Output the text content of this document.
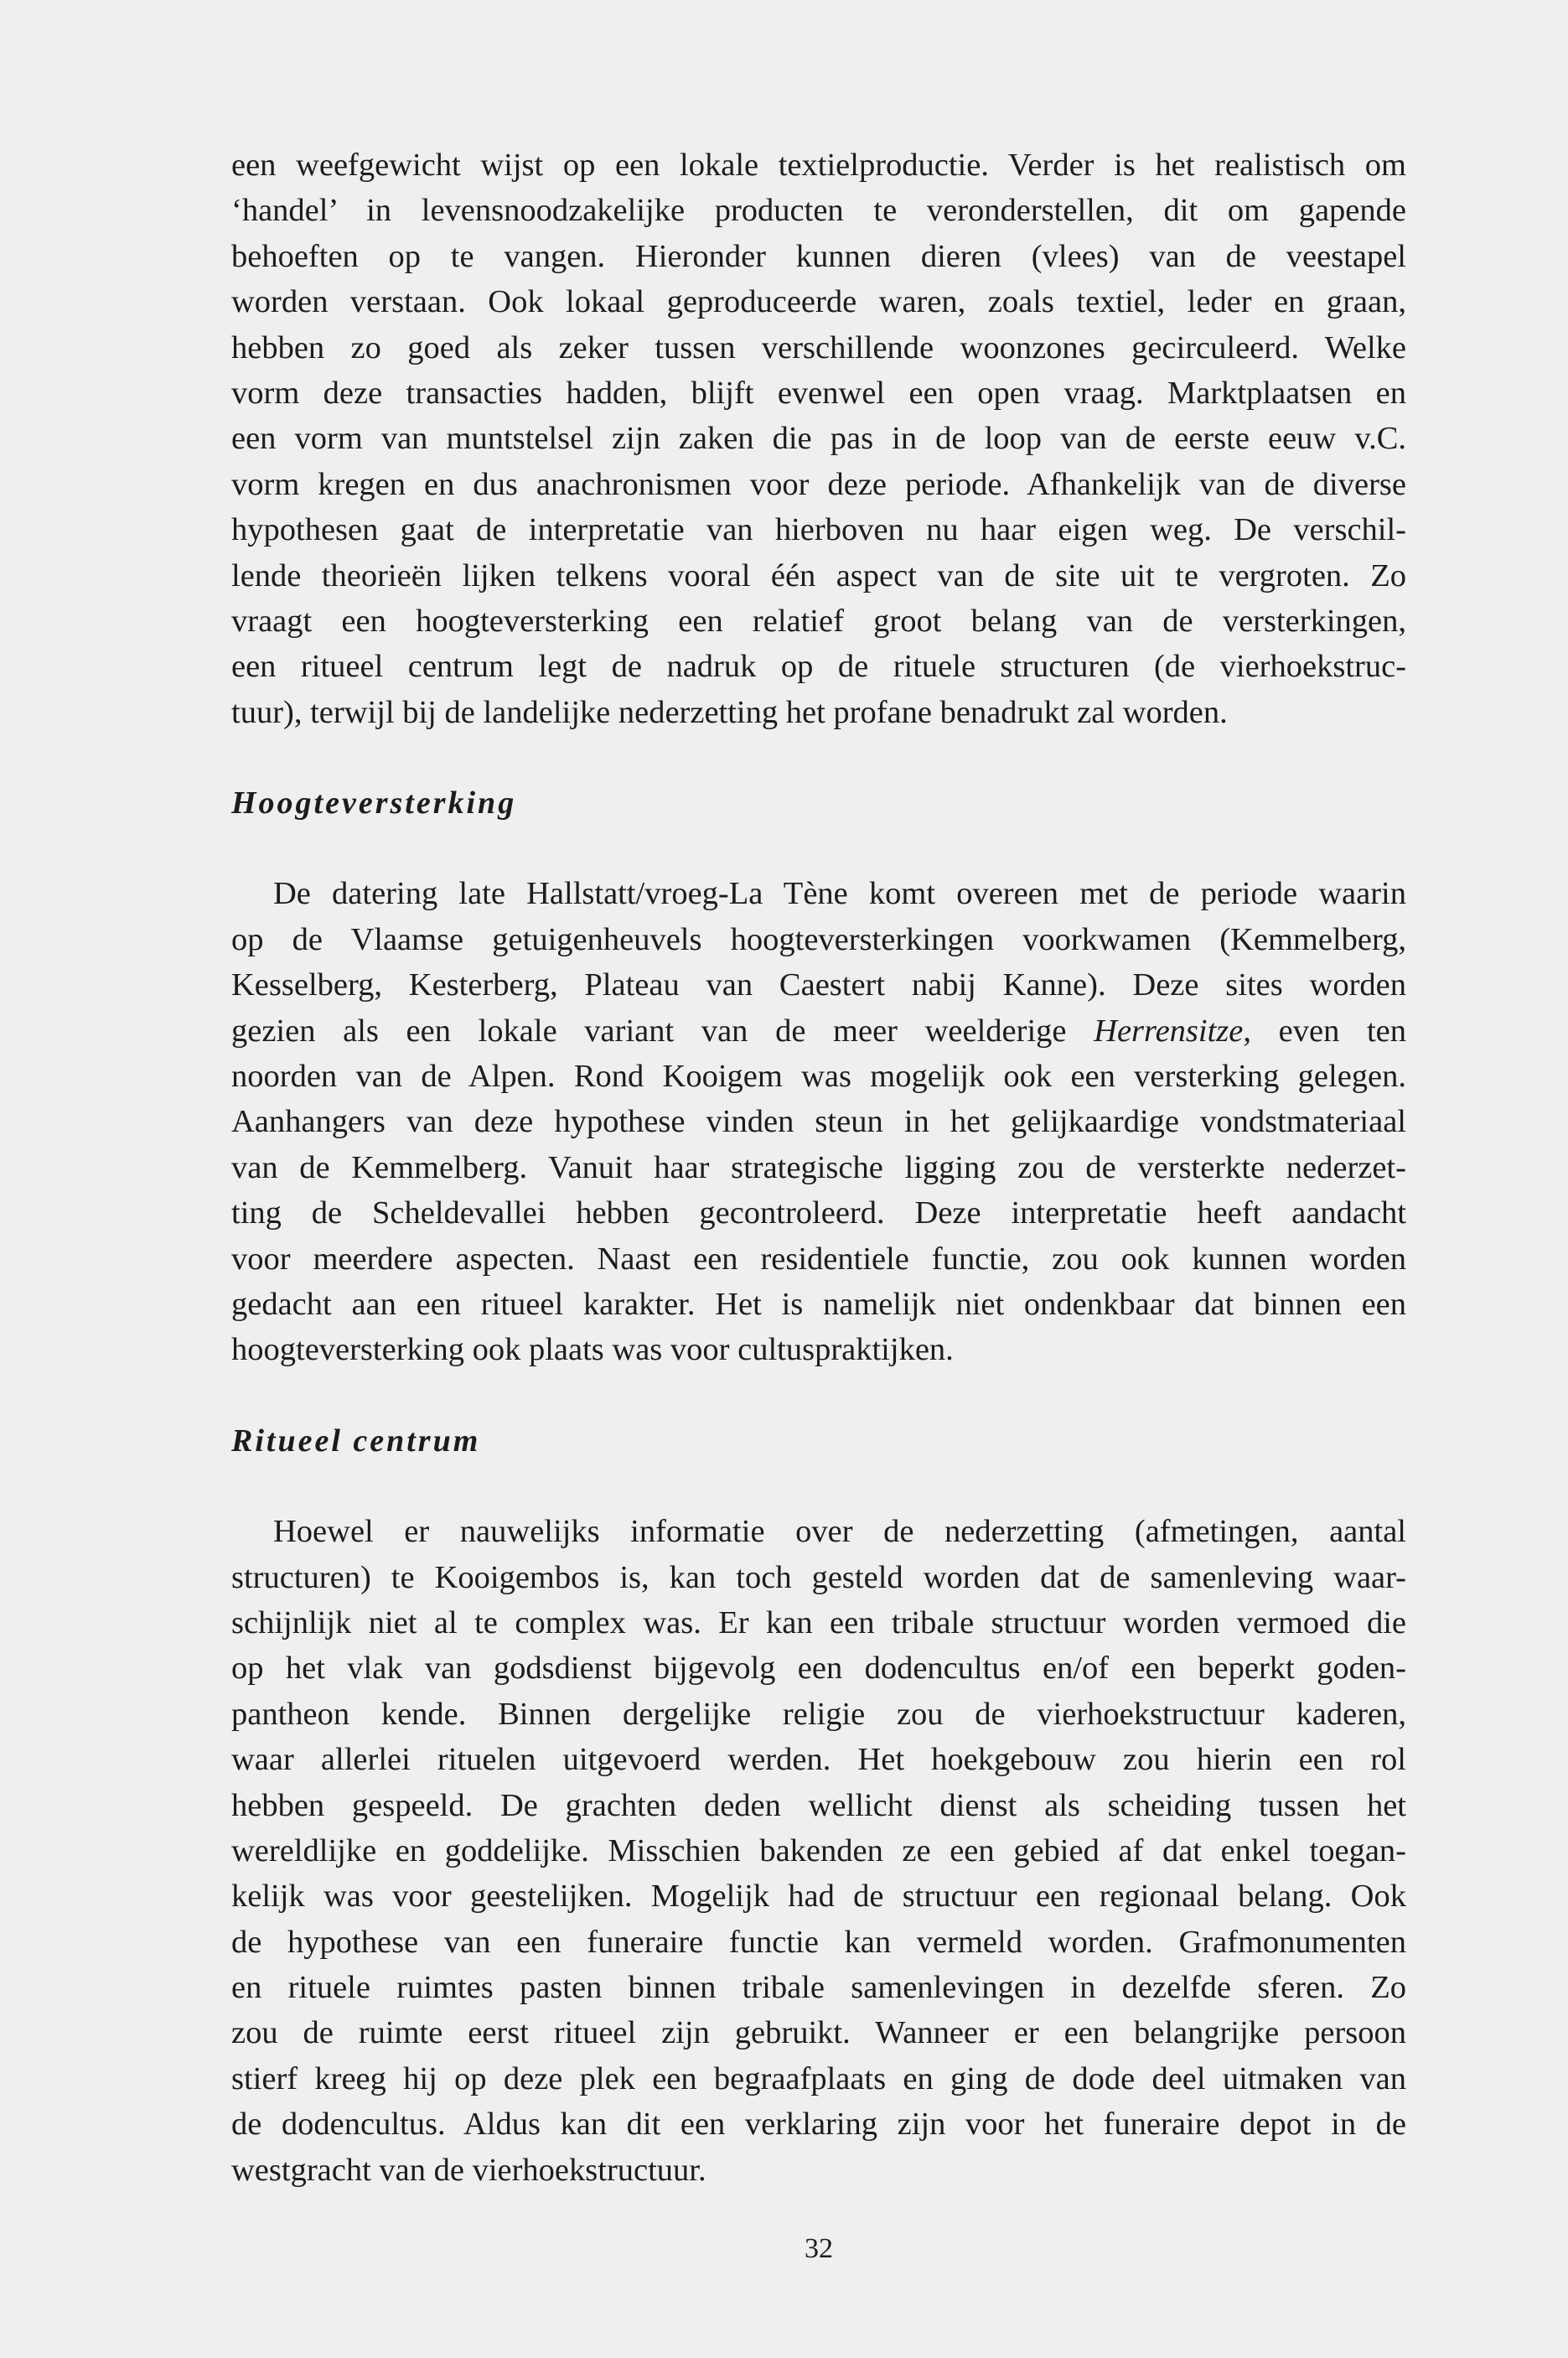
een weefgewicht wijst op een lokale textielproductie. Verder is het realistisch om
‘handel’ in levensnoodzakelijke producten te veronderstellen, dit om gapende
behoeften op te vangen. Hieronder kunnen dieren (vlees) van de veestapel
worden verstaan. Ook lokaal geproduceerde waren, zoals textiel, leder en graan,
hebben zo goed als zeker tussen verschillende woonzones gecirculeerd. Welke
vorm deze transacties hadden, blijft evenwel een open vraag. Marktplaatsen en
een vorm van muntstelsel zijn zaken die pas in de loop van de eerste eeuw v.C.
vorm kregen en dus anachronismen voor deze periode. Afhankelijk van de diverse
hypothesen gaat de interpretatie van hierboven nu haar eigen weg. De verschil-
lende theorieën lijken telkens vooral één aspect van de site uit te vergroten. Zo
vraagt een hoogteversterking een relatief groot belang van de versterkingen,
een ritueel centrum legt de nadruk op de rituele structuren (de vierhoekstruc-
tuur), terwijl bij de landelijke nederzetting het profane benadrukt zal worden.
Hoogteversterking
De datering late Hallstatt/vroeg-La Tène komt overeen met de periode waarin
op de Vlaamse getuigenheuvels hoogteversterkingen voorkwamen (Kemmelberg,
Kesselberg, Kesterberg, Plateau van Caestert nabij Kanne). Deze sites worden
gezien als een lokale variant van de meer weelderige Herrensitze, even ten
noorden van de Alpen. Rond Kooigem was mogelijk ook een versterking gelegen.
Aanhangers van deze hypothese vinden steun in het gelijkaardige vondstmateriaal
van de Kemmelberg. Vanuit haar strategische ligging zou de versterkte nederzet-
ting de Scheldevallei hebben gecontroleerd. Deze interpretatie heeft aandacht
voor meerdere aspecten. Naast een residentiele functie, zou ook kunnen worden
gedacht aan een ritueel karakter. Het is namelijk niet ondenkbaar dat binnen een
hoogteversterking ook plaats was voor cultuspraktijken.
Ritueel centrum
Hoewel er nauwelijks informatie over de nederzetting (afmetingen, aantal
structuren) te Kooigembos is, kan toch gesteld worden dat de samenleving waar-
schijnlijk niet al te complex was. Er kan een tribale structuur worden vermoed die
op het vlak van godsdienst bijgevolg een dodencultus en/of een beperkt goden-
pantheon kende. Binnen dergelijke religie zou de vierhoekstructuur kaderen,
waar allerlei rituelen uitgevoerd werden. Het hoekgebouw zou hierin een rol
hebben gespeeld. De grachten deden wellicht dienst als scheiding tussen het
wereldlijke en goddelijke. Misschien bakenden ze een gebied af dat enkel toegan-
kelijk was voor geestelijken. Mogelijk had de structuur een regionaal belang. Ook
de hypothese van een funeraire functie kan vermeld worden. Grafmonumenten
en rituele ruimtes pasten binnen tribale samenlevingen in dezelfde sferen. Zo
zou de ruimte eerst ritueel zijn gebruikt. Wanneer er een belangrijke persoon
stierf kreeg hij op deze plek een begraafplaats en ging de dode deel uitmaken van
de dodencultus. Aldus kan dit een verklaring zijn voor het funeraire depot in de
westgracht van de vierhoekstructuur.
32
